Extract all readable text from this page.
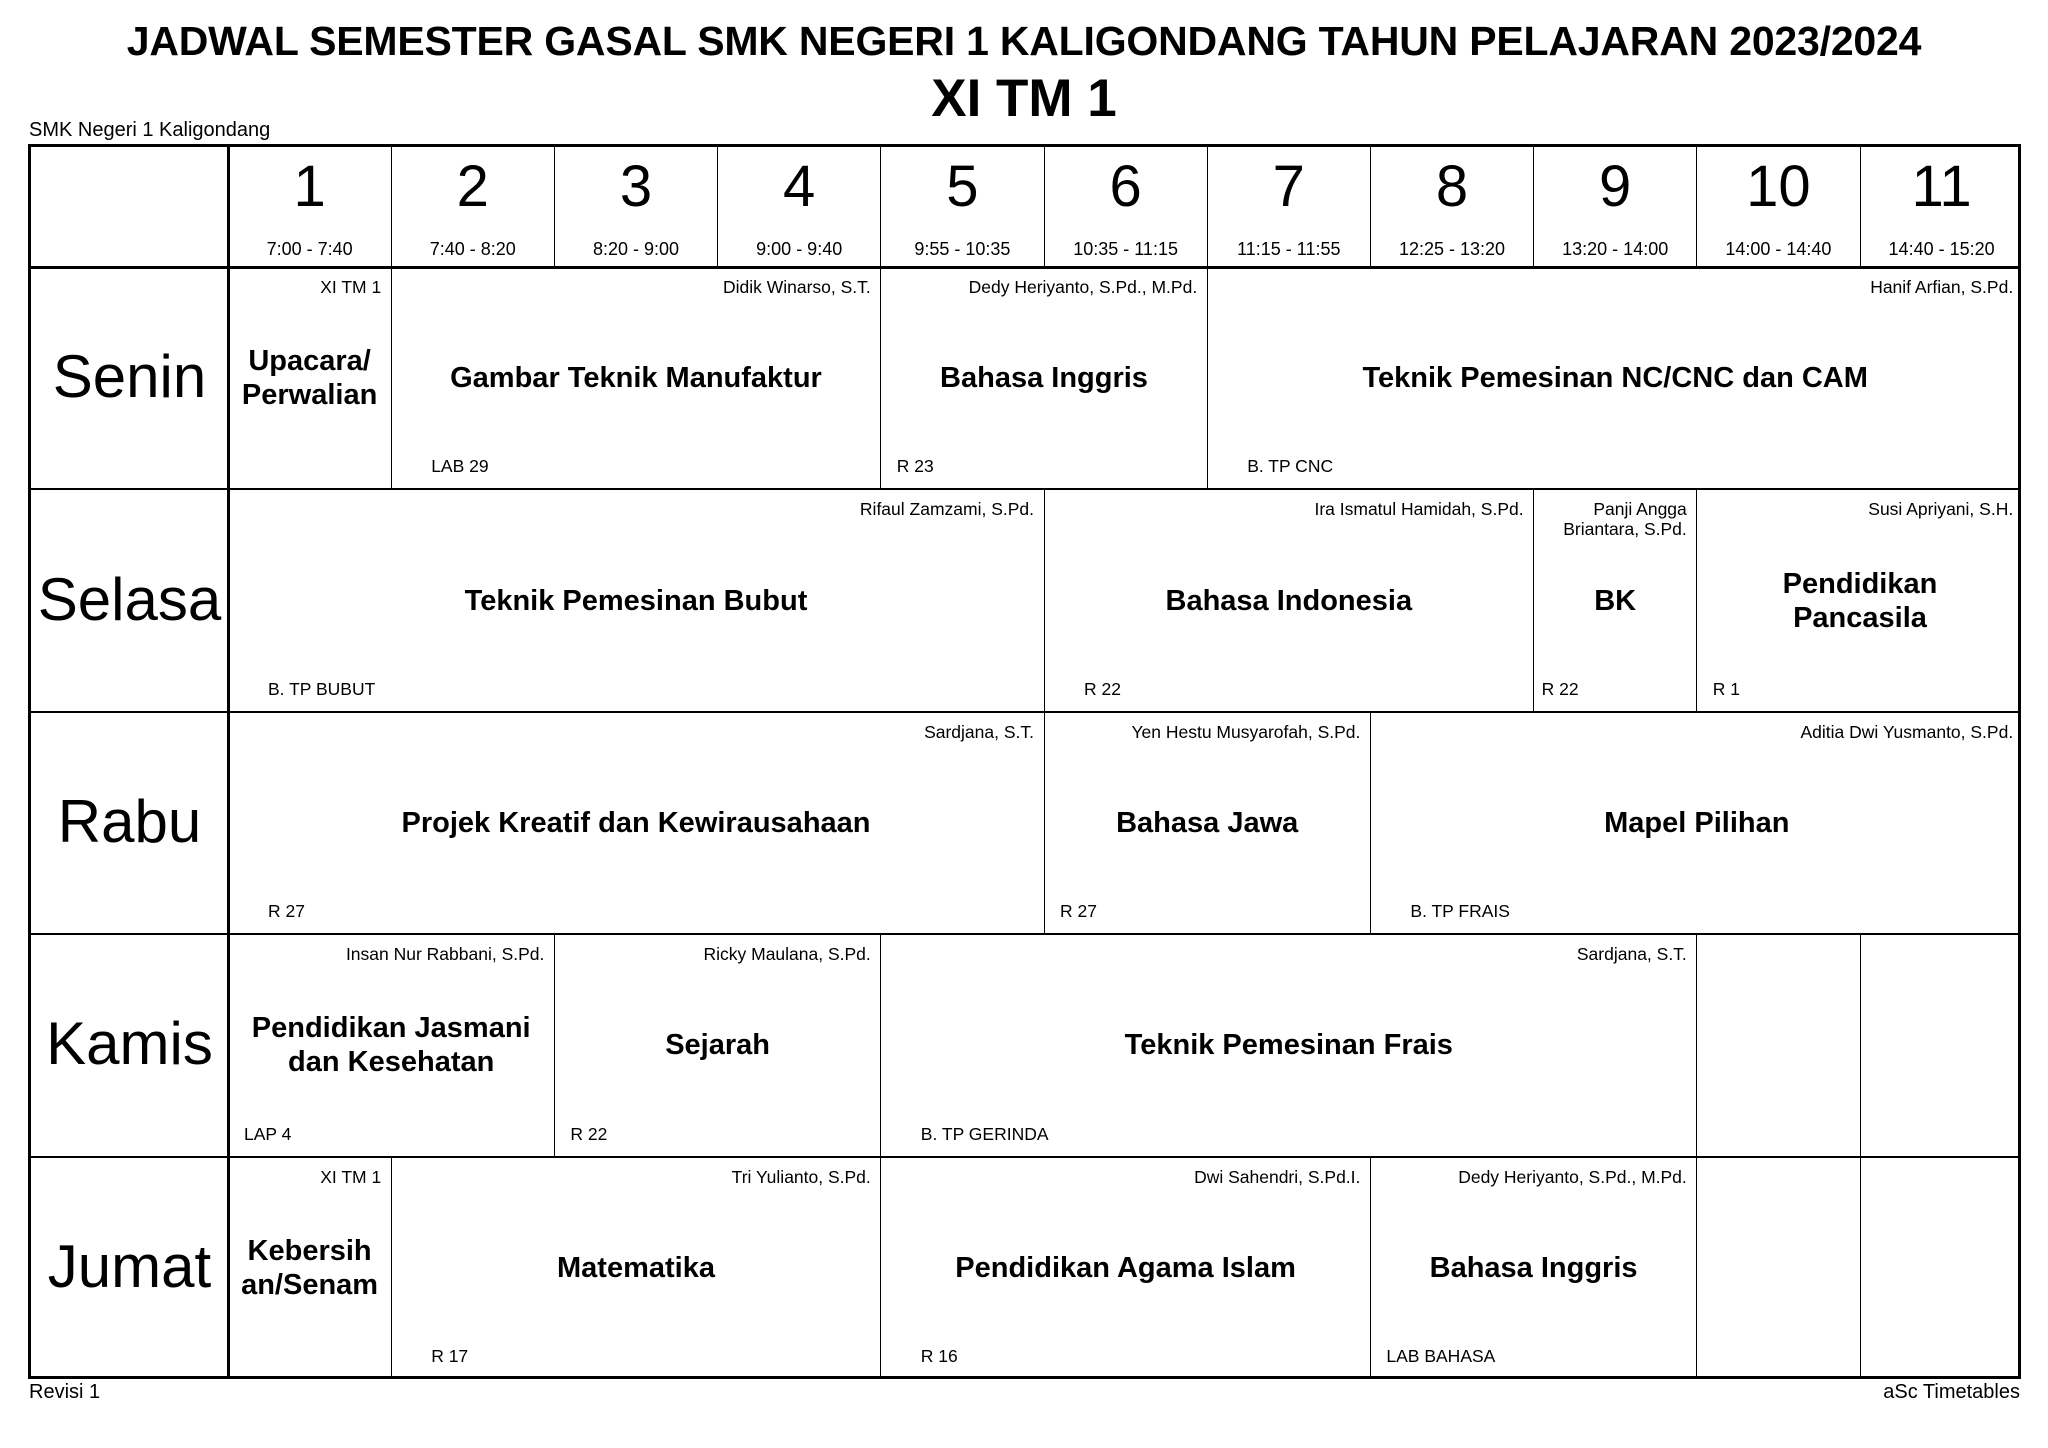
JADWAL SEMESTER GASAL SMK NEGERI 1 KALIGONDANG TAHUN PELAJARAN 2023/2024
XI TM 1
SMK Negeri 1 Kaligondang
1
7:00 - 7:40
2
7:40 - 8:20
3
8:20 - 9:00
4
9:00 - 9:40
5
9:55 - 10:35
6
10:35 - 11:15
7
11:15 - 11:55
8
12:25 - 13:20
9
13:20 - 14:00
10
14:00 - 14:40
11
14:40 - 15:20
Senin
XI TM 1
Upacara/
Perwalian
Didik Winarso, S.T.
Gambar Teknik Manufaktur
LAB 29
Dedy Heriyanto, S.Pd., M.Pd.
Bahasa Inggris
R 23
Hanif Arfian, S.Pd.
Teknik Pemesinan NC/CNC dan CAM
B. TP CNC
Selasa
Rifaul Zamzami, S.Pd.
Teknik Pemesinan Bubut
B. TP BUBUT
Ira Ismatul Hamidah, S.Pd.
Bahasa Indonesia
R 22
Panji Angga
Briantara, S.Pd.
BK
R 22
Susi Apriyani, S.H.
Pendidikan
Pancasila
R 1
Rabu
Sardjana, S.T.
Projek Kreatif dan Kewirausahaan
R 27
Yen Hestu Musyarofah, S.Pd.
Bahasa Jawa
R 27
Aditia Dwi Yusmanto, S.Pd.
Mapel Pilihan
B. TP FRAIS
Kamis
Insan Nur Rabbani, S.Pd.
Pendidikan Jasmani
dan Kesehatan
LAP 4
Ricky Maulana, S.Pd.
Sejarah
R 22
Sardjana, S.T.
Teknik Pemesinan Frais
B. TP GERINDA
Jumat
XI TM 1
Kebersih
an/Senam
Tri Yulianto, S.Pd.
Matematika
R 17
Dwi Sahendri, S.Pd.I.
Pendidikan Agama Islam
R 16
Dedy Heriyanto, S.Pd., M.Pd.
Bahasa Inggris
LAB BAHASA
Revisi 1	aSc Timetables
